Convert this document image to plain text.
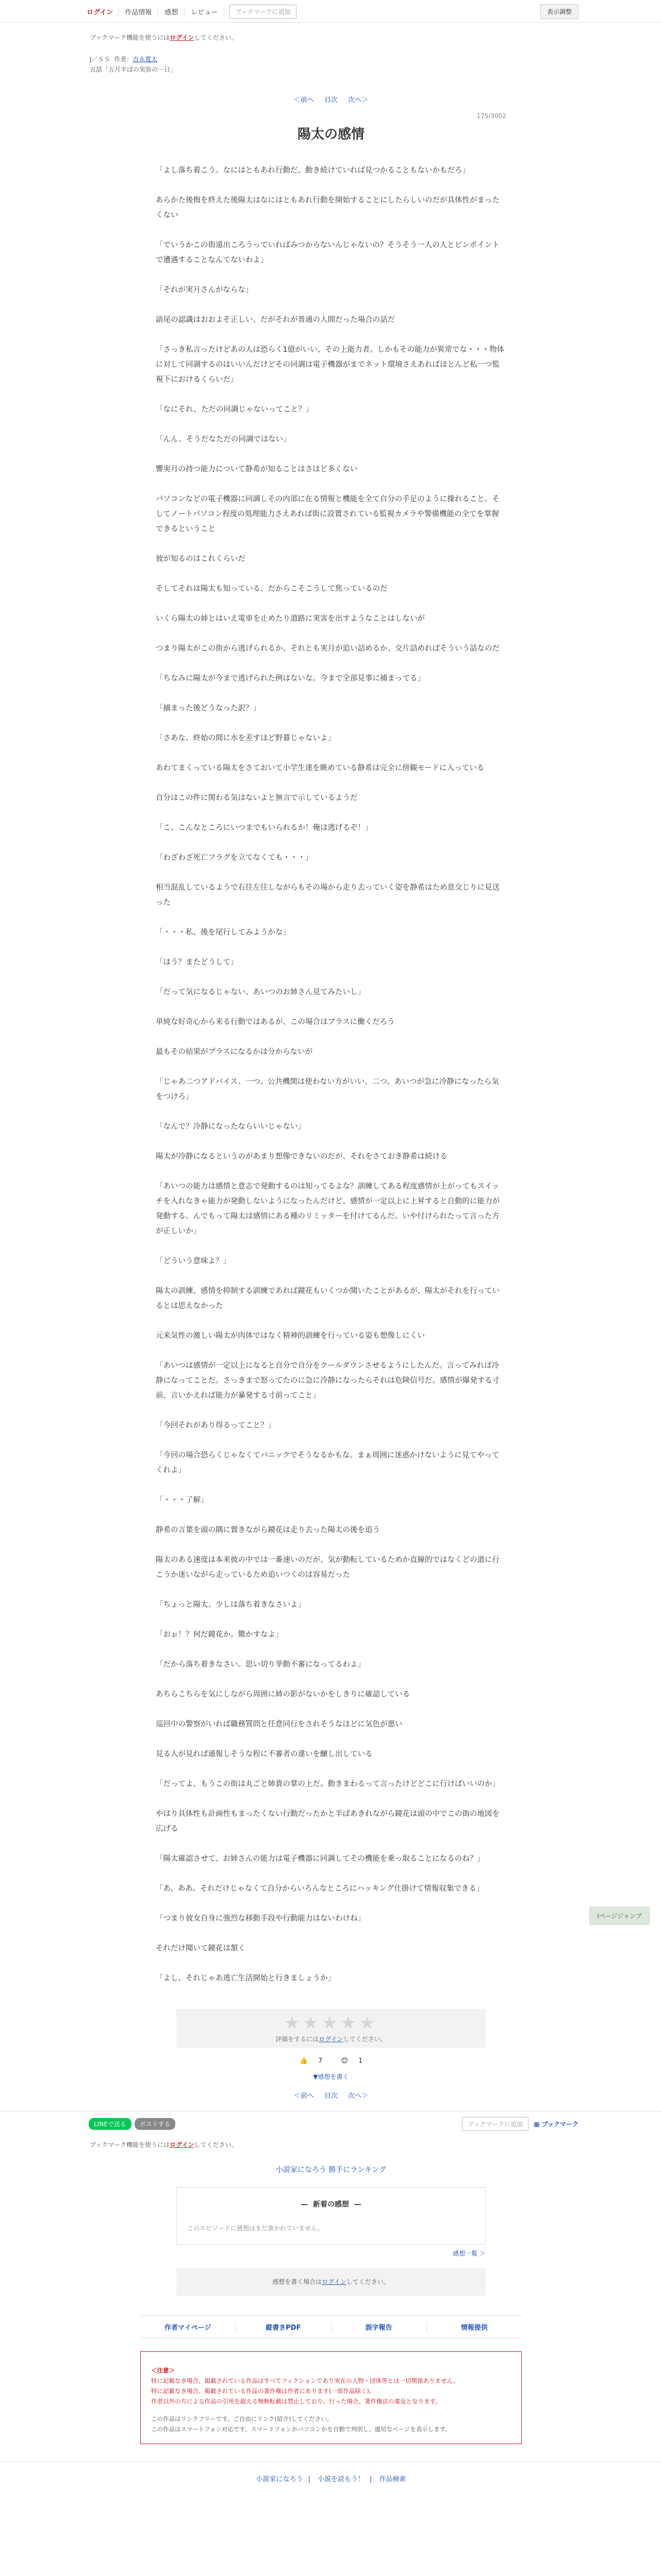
ログイン	作品情報	感想	レビュー	ブックマークに追加	表示調整
ブックマーク機能を使うにはログインしてください。
J／ＳＳ 作者：吉永寛太
五話「五月半ばの実弥の一日」
＜前へ 目次 次へ＞
175/3002
陽太の感情

「よし落ち着こう。なにはともあれ行動だ。動き続けていれば見つかることもないかもだろ」

あらかた後悔を終えた後陽太はなにはともあれ行動を開始することにしたらしいのだが具体性がまったくない

「でいうかこの街遠出ころうっていればみつからないんじゃないの？そうそう一人の人とピンポイントで遭遇することなんてないわよ」

「それが実月さんがならな」

語尾の認識はおおよそ正しい、だがそれが普通の人間だった場合の話だ

「さっき私言ったけどあの人は恐らく1億がいい、その上能力者。しかもその能力が異常でな・・・物体に対して同調するのはいいんだけどその同調は電子機器がまでネット環境さえあればほとんど私一つ監視下におけるくらいだ」

「なにそれ、ただの同調じゃないってこと？」

「んん、そうだなただの同調ではない」

響実月の持つ能力について静希が知ることはさほど多くない

パソコンなどの電子機器に同調しその内部に在る情報と機能を全て自分の手足のように操れること。そしてノートパソコン程度の処理能力さえあれば街に設置されている監視カメラや警備機能の全てを掌握できるということ

彼が知るのはこれくらいだ

そしてそれは陽太も知っている、だからこそこうして焦っているのだ

いくら陽太の姉とはいえ電車を止めたり道路に実害を出すようなことはしないが

つまり陽太がこの街から逃げられるか、それとも実月が追い詰めるか、交片詰めればそういう話なのだ

「ちなみに陽太が今まで逃げられた例はないな。今まで全部見事に捕まってる」

「捕まった後どうなった訳？」

「さあな、終始の間に水を差すほど野暮じゃないよ」

あわてまくっている陽太をさておいて小学生達を眺めている静希は完全に傍観モードに入っている

自分はこの件に関わる気はないよと無言で示しているようだ

「こ、こんなところにいつまでもいられるか！俺は逃げるぞ！」

「わざわざ死亡フラグを立てなくても・・・」

相当混乱しているようで右往左往しながらもその場から走り去っていく姿を静希はため息交じりに見送った

「・・・私、後を尾行してみようかな」

「ほう？またどうして」

「だって気になるじゃない、あいつのお姉さん見てみたいし」

単純な好奇心から来る行動ではあるが、この場合はプラスに働くだろう

最もその結果がプラスになるかは分からないが

「じゃあ二つアドバイス、一つ、公共機関は使わない方がいい、二つ、あいつが急に冷静になったら気をつけろ」

「なんで？冷静になったならいいじゃない」

陽太が冷静になるというのがあまり想像できないのだが、それをさておき静希は続ける

「あいつの能力は感情と意志で発動するのは知ってるよな？訓練してある程度感情が上がってもスイッチを入れなきゃ能力が発動しないようになったんだけど、感情が一定以上に上昇すると自動的に能力が発動する。んでもって陽太は感情にある種のリミッターを付けてるんだ。いや付けられたって言った方が正しいか」

「どういう意味よ？」

陽太の訓練、感情を抑制する訓練であれば鏡花もいくつか聞いたことがあるが、陽太がそれを行っているとは思えなかった

元来気性の激しい陽太が肉体ではなく精神的訓練を行っている姿も想像しにくい

「あいつは感情が一定以上になると自分で自分をクールダウンさせるようにしたんだ。言ってみれば冷静になってことだ。さっきまで怒ってたのに急に冷静になったらそれは危険信号だ。感情が爆発する寸前、言いかえれば能力が暴発する寸前ってこと」

「今回それがあり得るってこと？」

「今回の場合恐らくじゃなくてパニックでそうなるかもな。まぁ周囲に迷惑かけないように見てやってくれよ」

「・・・了解」

静希の言葉を頭の隅に置きながら鏡花は走り去った陽太の後を追う

陽太のある速度は本来彼の中では一番速いのだが、気が動転しているためか直線的ではなくどの道に行こうか迷いながら走っているため追いつくのは容易だった

「ちょっと陽太、少しは落ち着きなさいよ」

「おぉ！？何だ鏡花か。驚かすなよ」

「だから落ち着きなさい。思い切り挙動不審になってるわよ」

あちらこちらを気にしながら周囲に姉の影がないかをしきりに確認している

巡回中の警察がいれば職務質問と任意同行をされそうなほどに気色が悪い

見る人が見れば通報しそうな程に不審者の違いを醸し出している

「だってよ、もうこの街は丸ごと姉貴の掌の上だ。動きまわるって言ったけどどこに行けばいいのか」

やはり具体性も計画性もまったくない行動だったかと半ばあきれながら鏡花は頭の中でこの街の地図を広げる

「陽太確認させて、お姉さんの能力は電子機器に同調してその機能を乗っ取ることになるのね？」

「あ、ああ。それだけじゃなくて自分からいろんなところにハッキング仕掛けて情報収集できる」

「つまり彼女自身に強烈な移動手段や行動能力はないわけね」

それだけ聞いて鏡花は頷く

「よし、それじゃあ逃亡生活開始と行きましょうか」

★★★★★
評価をするにはログインしてください。
👍 7	😊 1
▼感想を書く
＜前へ 目次 次へ＞
LINEで送る	ポストする	ブックマークに追加	▦ ブックマーク
ブックマーク機能を使うにはログインしてください。
小説家になろう 勝手にランキング
—  新着の感想  —
このエピソードに感想はまだ書かれていません。
感想一覧 ＞
感想を書く場合はログインしてください。
作者マイページ	縦書きPDF	誤字報告	情報提供
＜注意＞
特に記載なき場合、掲載されている作品はすべてフィクションであり実在の人物・団体等とは一切関係ありません。
特に記載なき場合、掲載されている作品の著作権は作者にあります(一部作品除く)。
作者以外の方による作品の引用を超える無断転載は禁止しており、行った場合、著作権法の違反となります。
この作品はリンクフリーです。ご自由にリンク(紹介)してください。
この作品はスマートフォン対応です。スマートフォンかパソコンかを自動で判別し、適切なページを表示します。
小説家になろう | 小説を読もう！ | 作品検索
Iページジャンプ
